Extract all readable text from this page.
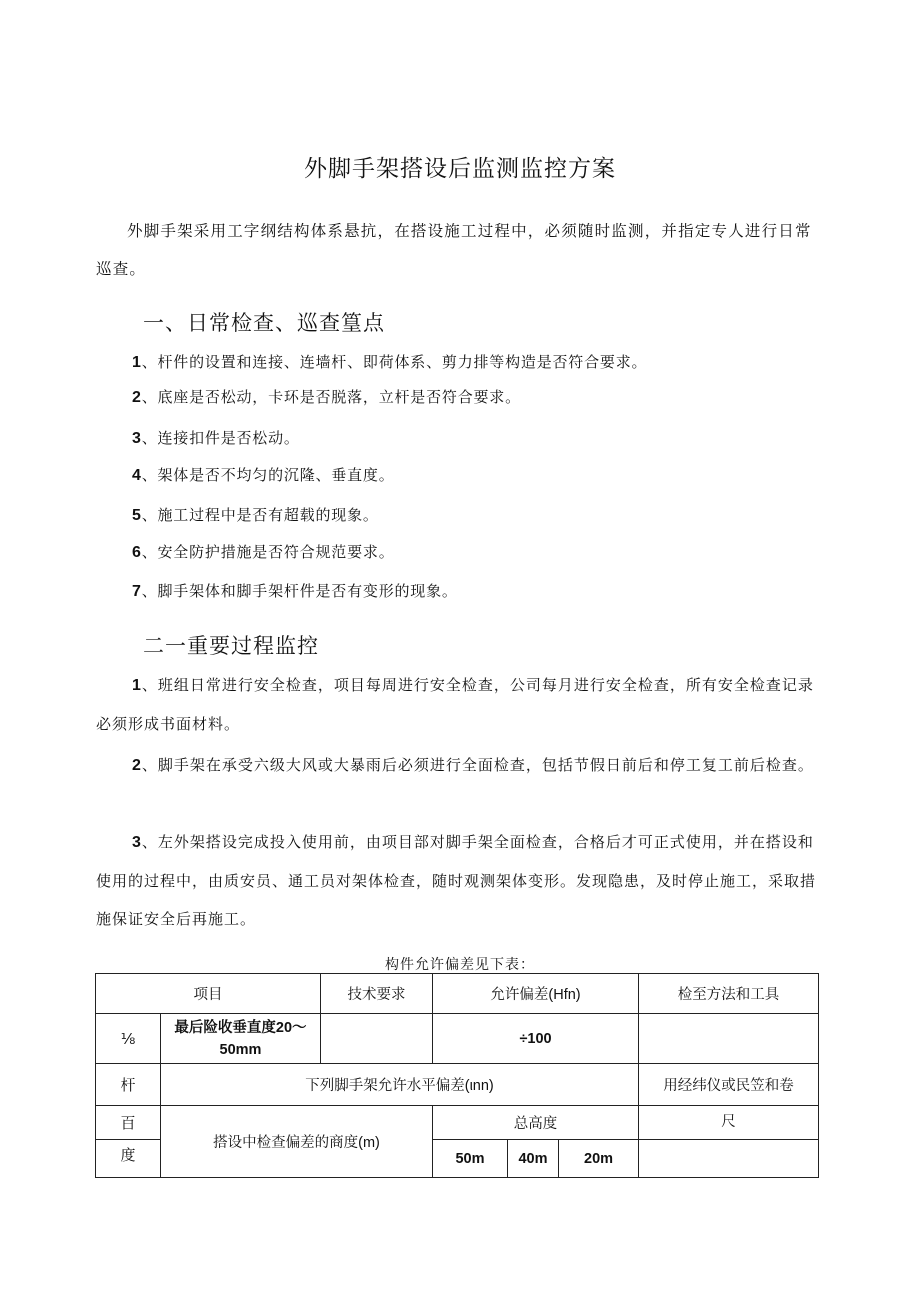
外脚手架搭设后监测监控方案
外脚手架采用工字纲结构体系悬抗，在搭设施工过程中，必须随时监测，并指定专人进行日常巡查。
一、日常检查、巡查篁点
1、杆件的设置和连接、连墙杆、即荷体系、剪力排等构造是否符合要求。
2、底座是否松动，卡环是否脱落，立杆是否符合要求。
3、连接扣件是否松动。
4、架体是否不均匀的沉隆、垂直度。
5、施工过程中是否有超载的现象。
6、安全防护措施是否符合规范要求。
7、脚手架体和脚手架杆件是否有变形的现象。
二一重要过程监控
1、班组日常进行安全检查，项目每周进行安全检查，公司每月进行安全检查，所有安全检查记录必须形成书面材料。
2、脚手架在承受六级大风或大暴雨后必须进行全面检查，包括节假日前后和停工复工前后检查。
3、左外架搭设完成投入使用前，由项目部对脚手架全面检查，合格后才可正式使用，并在搭设和使用的过程中，由质安员、通工员对架体检查，随时观测架体变形。发现隐患，及时停止施工，采取措施保证安全后再施工。
构件允许偏差见下表：
项目		技术要求	允许偏差(Hfn)			检至方法和工具
⅛	最后险收垂直度20〜50mm		÷100			
杆	下列脚手架允许水平偏差(ιnn)					用经纬仪或民笠和卷
百	搭设中检查偏差的商度(m)		总高度			尺
度			50m	40m	20m	
